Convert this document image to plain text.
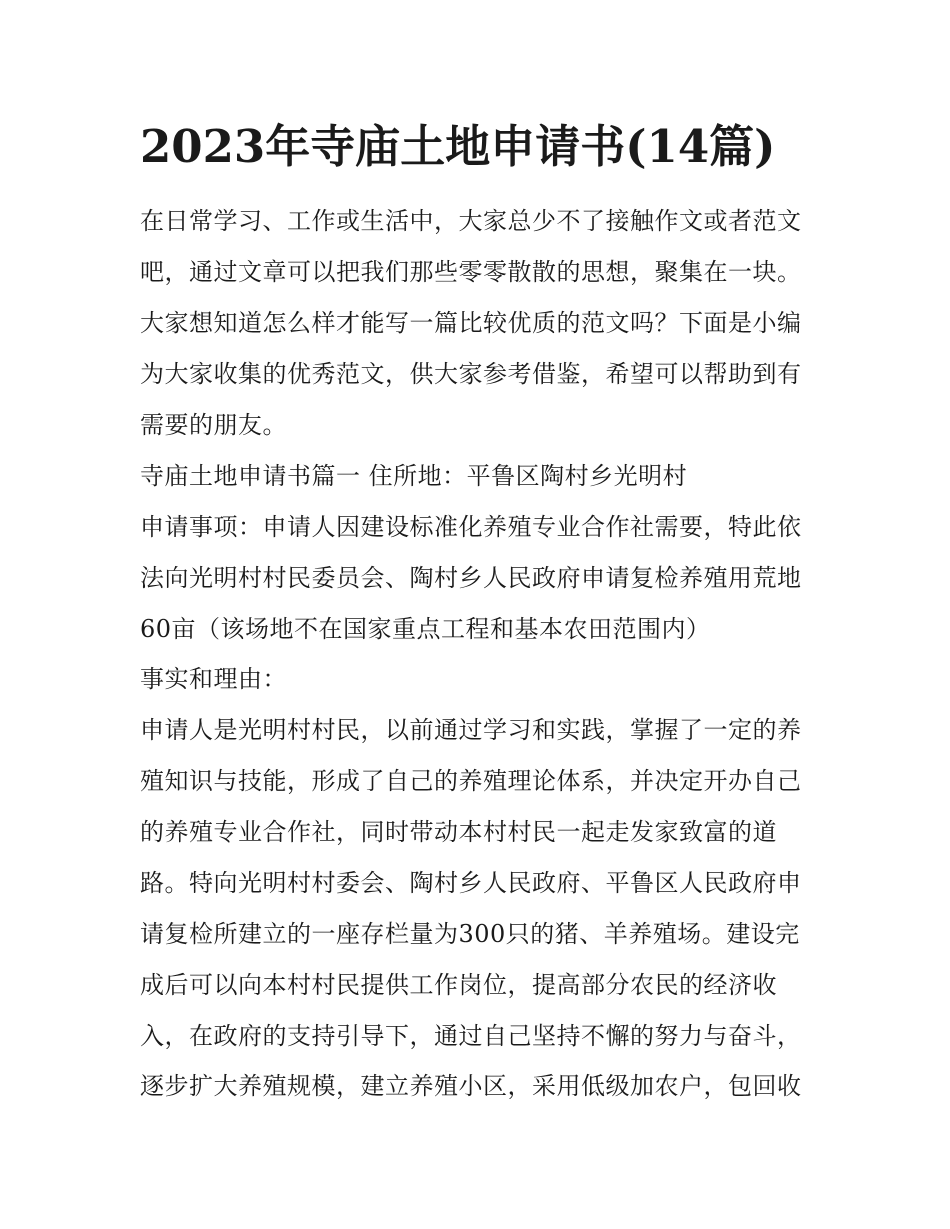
2023年寺庙土地申请书(14篇)
在日常学习、工作或生活中，大家总少不了接触作文或者范文
吧，通过文章可以把我们那些零零散散的思想，聚集在一块。
大家想知道怎么样才能写一篇比较优质的范文吗？下面是小编
为大家收集的优秀范文，供大家参考借鉴，希望可以帮助到有
需要的朋友。
寺庙土地申请书篇一 住所地：平鲁区陶村乡光明村
申请事项：申请人因建设标准化养殖专业合作社需要，特此依
法向光明村村民委员会、陶村乡人民政府申请复检养殖用荒地
60亩（该场地不在国家重点工程和基本农田范围内）
事实和理由：
申请人是光明村村民，以前通过学习和实践，掌握了一定的养
殖知识与技能，形成了自己的养殖理论体系，并决定开办自己
的养殖专业合作社，同时带动本村村民一起走发家致富的道
路。特向光明村村委会、陶村乡人民政府、平鲁区人民政府申
请复检所建立的一座存栏量为300只的猪、羊养殖场。建设完
成后可以向本村村民提供工作岗位，提高部分农民的经济收
入，在政府的支持引导下，通过自己坚持不懈的努力与奋斗，
逐步扩大养殖规模，建立养殖小区，采用低级加农户，包回收
